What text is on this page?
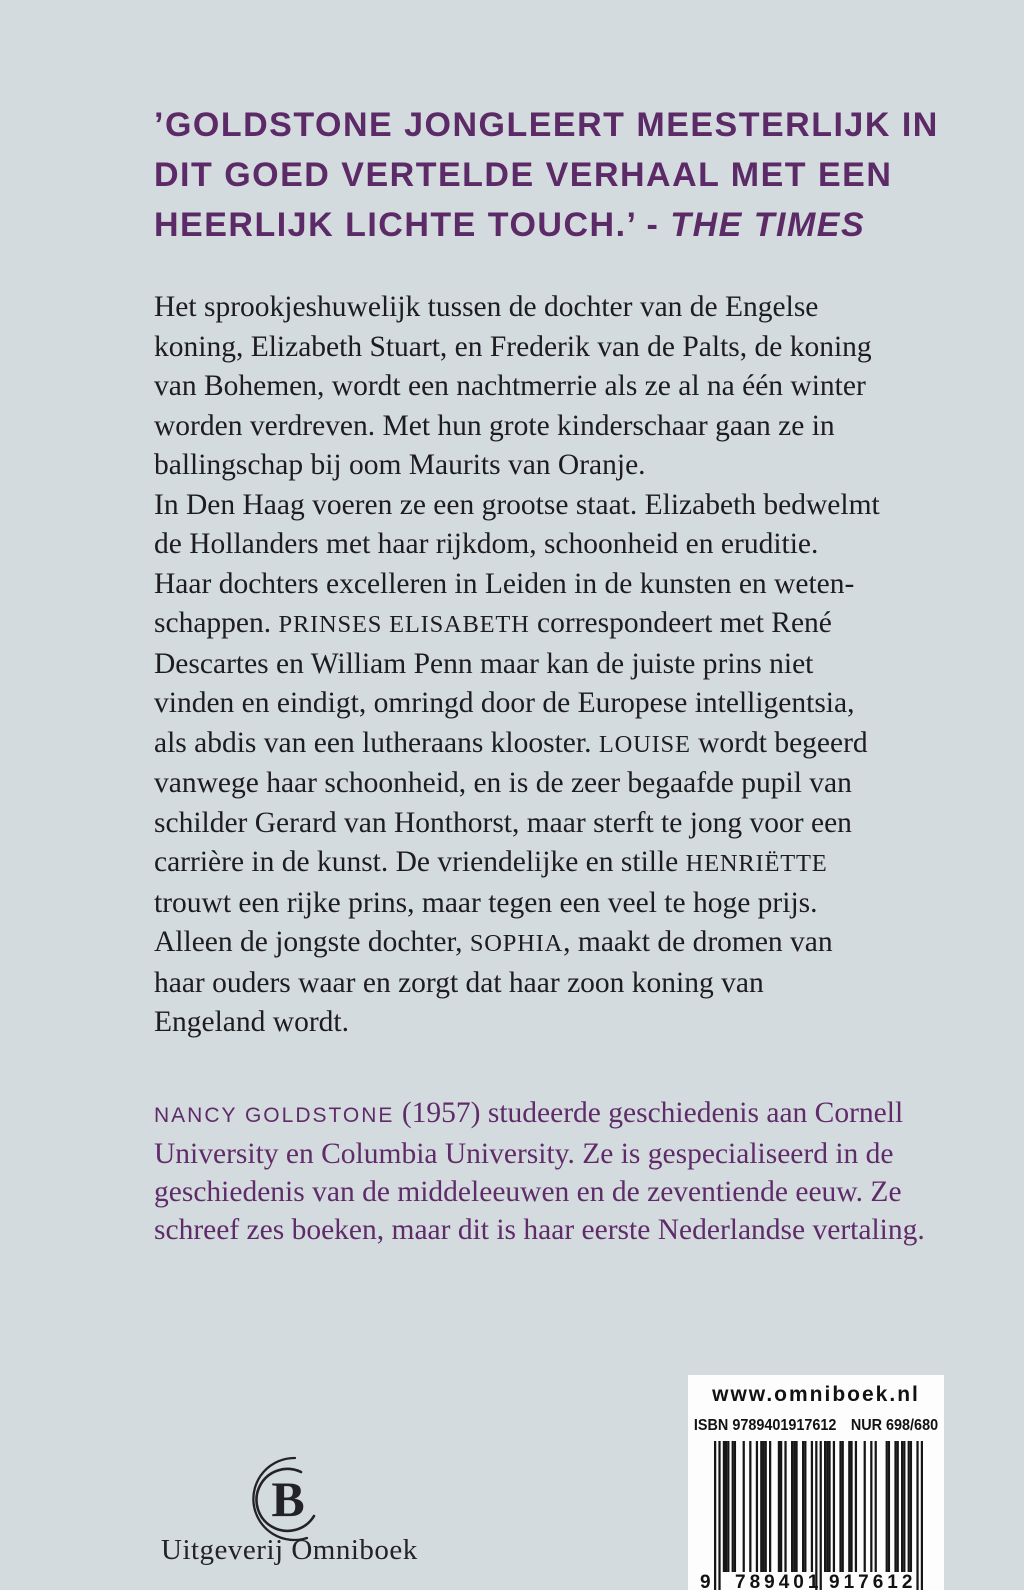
’GOLDSTONE JONGLEERT MEESTERLIJK IN
DIT GOED VERTELDE VERHAAL MET EEN
HEERLIJK LICHTE TOUCH.’ - THE TIMES
Het sprookjeshuwelijk tussen de dochter van de Engelse
koning, Elizabeth Stuart, en Frederik van de Palts, de koning
van Bohemen, wordt een nachtmerrie als ze al na één winter
worden verdreven. Met hun grote kinderschaar gaan ze in
ballingschap bij oom Maurits van Oranje.
In Den Haag voeren ze een grootse staat. Elizabeth bedwelmt
de Hollanders met haar rijkdom, schoonheid en eruditie.
Haar dochters excelleren in Leiden in de kunsten en weten-
schappen. PRINSES ELISABETH correspondeert met René
Descartes en William Penn maar kan de juiste prins niet
vinden en eindigt, omringd door de Europese intelligentsia,
als abdis van een lutheraans klooster. LOUISE wordt begeerd
vanwege haar schoonheid, en is de zeer begaafde pupil van
schilder Gerard van Honthorst, maar sterft te jong voor een
carrière in de kunst. De vriendelijke en stille HENRIËTTE
trouwt een rijke prins, maar tegen een veel te hoge prijs.
Alleen de jongste dochter, SOPHIA, maakt de dromen van
haar ouders waar en zorgt dat haar zoon koning van
Engeland wordt.
NANCY GOLDSTONE (1957) studeerde geschiedenis aan Cornell
University en Columbia University. Ze is gespecialiseerd in de
geschiedenis van de middeleeuwen en de zeventiende eeuw. Ze
schreef zes boeken, maar dit is haar eerste Nederlandse vertaling.
B
Uitgeverij Omniboek
www.omniboek.nl
ISBN 9789401917612 NUR 698/680
9 789401 917612
